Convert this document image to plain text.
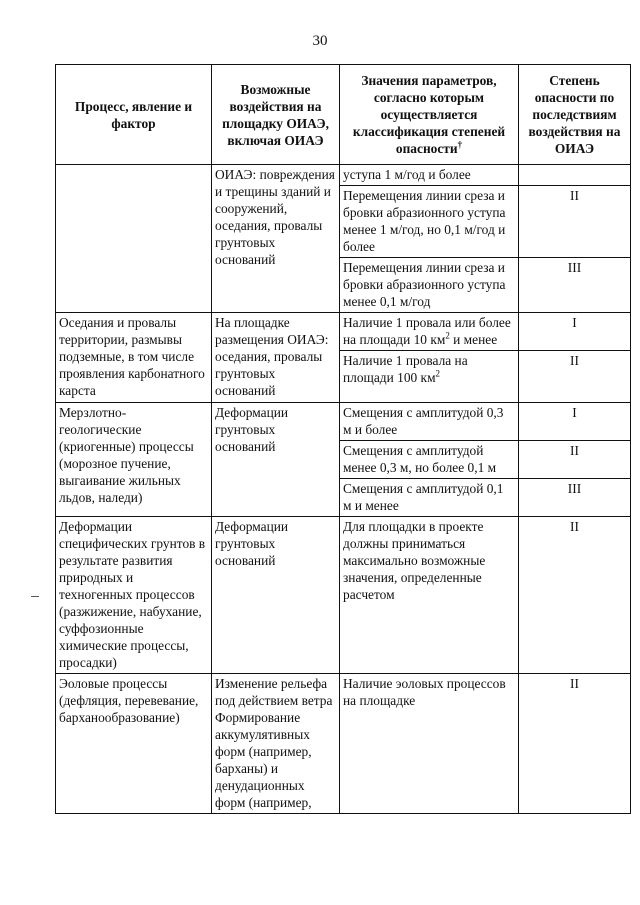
30
Процесс, явление и фактор	Возможные воздействия на площадку ОИАЭ, включая ОИАЭ	Значения параметров, согласно которым осуществляется классификация степеней опасности†	Степень опасности по последствиям воздействия на ОИАЭ
	ОИАЭ: повреждения и трещины зданий и сооружений, оседания, провалы грунтовых оснований	уступа 1 м/год и более	
		Перемещения линии среза и бровки абразионного уступа менее 1 м/год, но 0,1 м/год и более	II
		Перемещения линии среза и бровки абразионного уступа менее 0,1 м/год	III
Оседания и провалы территории, размывы подземные, в том числе проявления карбонатного карста	На площадке размещения ОИАЭ: оседания, провалы грунтовых оснований	Наличие 1 провала или более на площади 10 $км^2$ и менее	I
		Наличие 1 провала на площади 100 $км^2$	II
Мерзлотно-геологические (криогенные) процессы (морозное пучение, выгаивание жильных льдов, наледи)	Деформации грунтовых оснований	Смещения с амплитудой 0,3 м и более	I
		Смещения с амплитудой менее 0,3 м, но более 0,1 м	II
		Смещения с амплитудой 0,1 м и менее	III
Деформации специфических грунтов в результате развития природных и техногенных процессов (разжижение, набухание, суффозионные химические процессы, просадки)	Деформации грунтовых оснований	Для площадки в проекте должны приниматься максимально возможные значения, определенные расчетом	II
Эоловые процессы (дефляция, перевевание, барханообразование)	Изменение рельефа под действием ветра Формирование аккумулятивных форм (например, барханы) и денудационных форм (например,	Наличие эоловых процессов на площадке	II
